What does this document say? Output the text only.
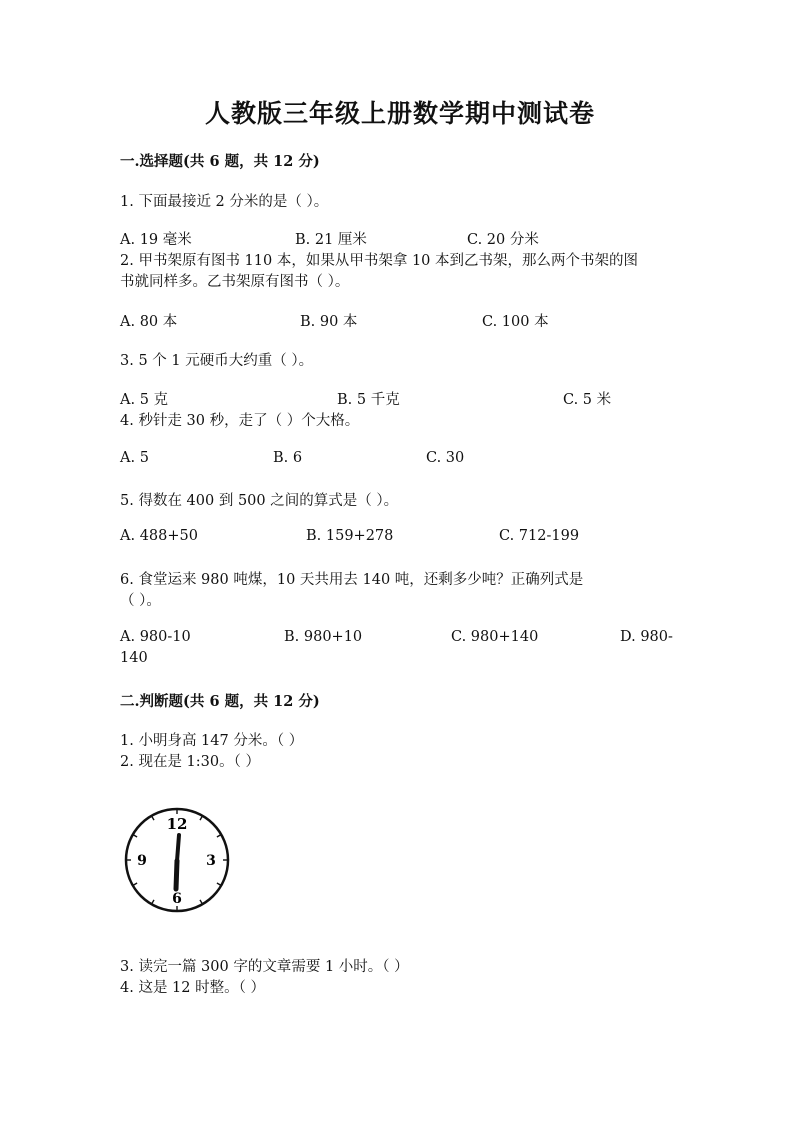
人教版三年级上册数学期中测试卷
一.选择题(共 6 题，共 12 分)
1. 下面最接近 2 分米的是（ ）。
A. 19 毫米	B. 21 厘米	C. 20 分米
2. 甲书架原有图书 110 本，如果从甲书架拿 10 本到乙书架，那么两个书架的图
书就同样多。乙书架原有图书（ ）。
A. 80 本	B. 90 本	C. 100 本
3. 5 个 1 元硬币大约重（ ）。
A. 5 克	B. 5 千克	C. 5 米
4. 秒针走 30 秒，走了（ ）个大格。
A. 5	B. 6	C. 30
5. 得数在 400 到 500 之间的算式是（ ）。
A. 488+50	B. 159+278	C. 712-199
6. 食堂运来 980 吨煤，10 天共用去 140 吨，还剩多少吨？正确列式是
（ ）。
A. 980-10	B. 980+10	C. 980+140	D. 980-
140
二.判断题(共 6 题，共 12 分)
1. 小明身高 147 分米。（ ）
2. 现在是 1:30。（ ）
12
3
6
9
3. 读完一篇 300 字的文章需要 1 小时。（ ）
4. 这是 12 时整。（ ）
